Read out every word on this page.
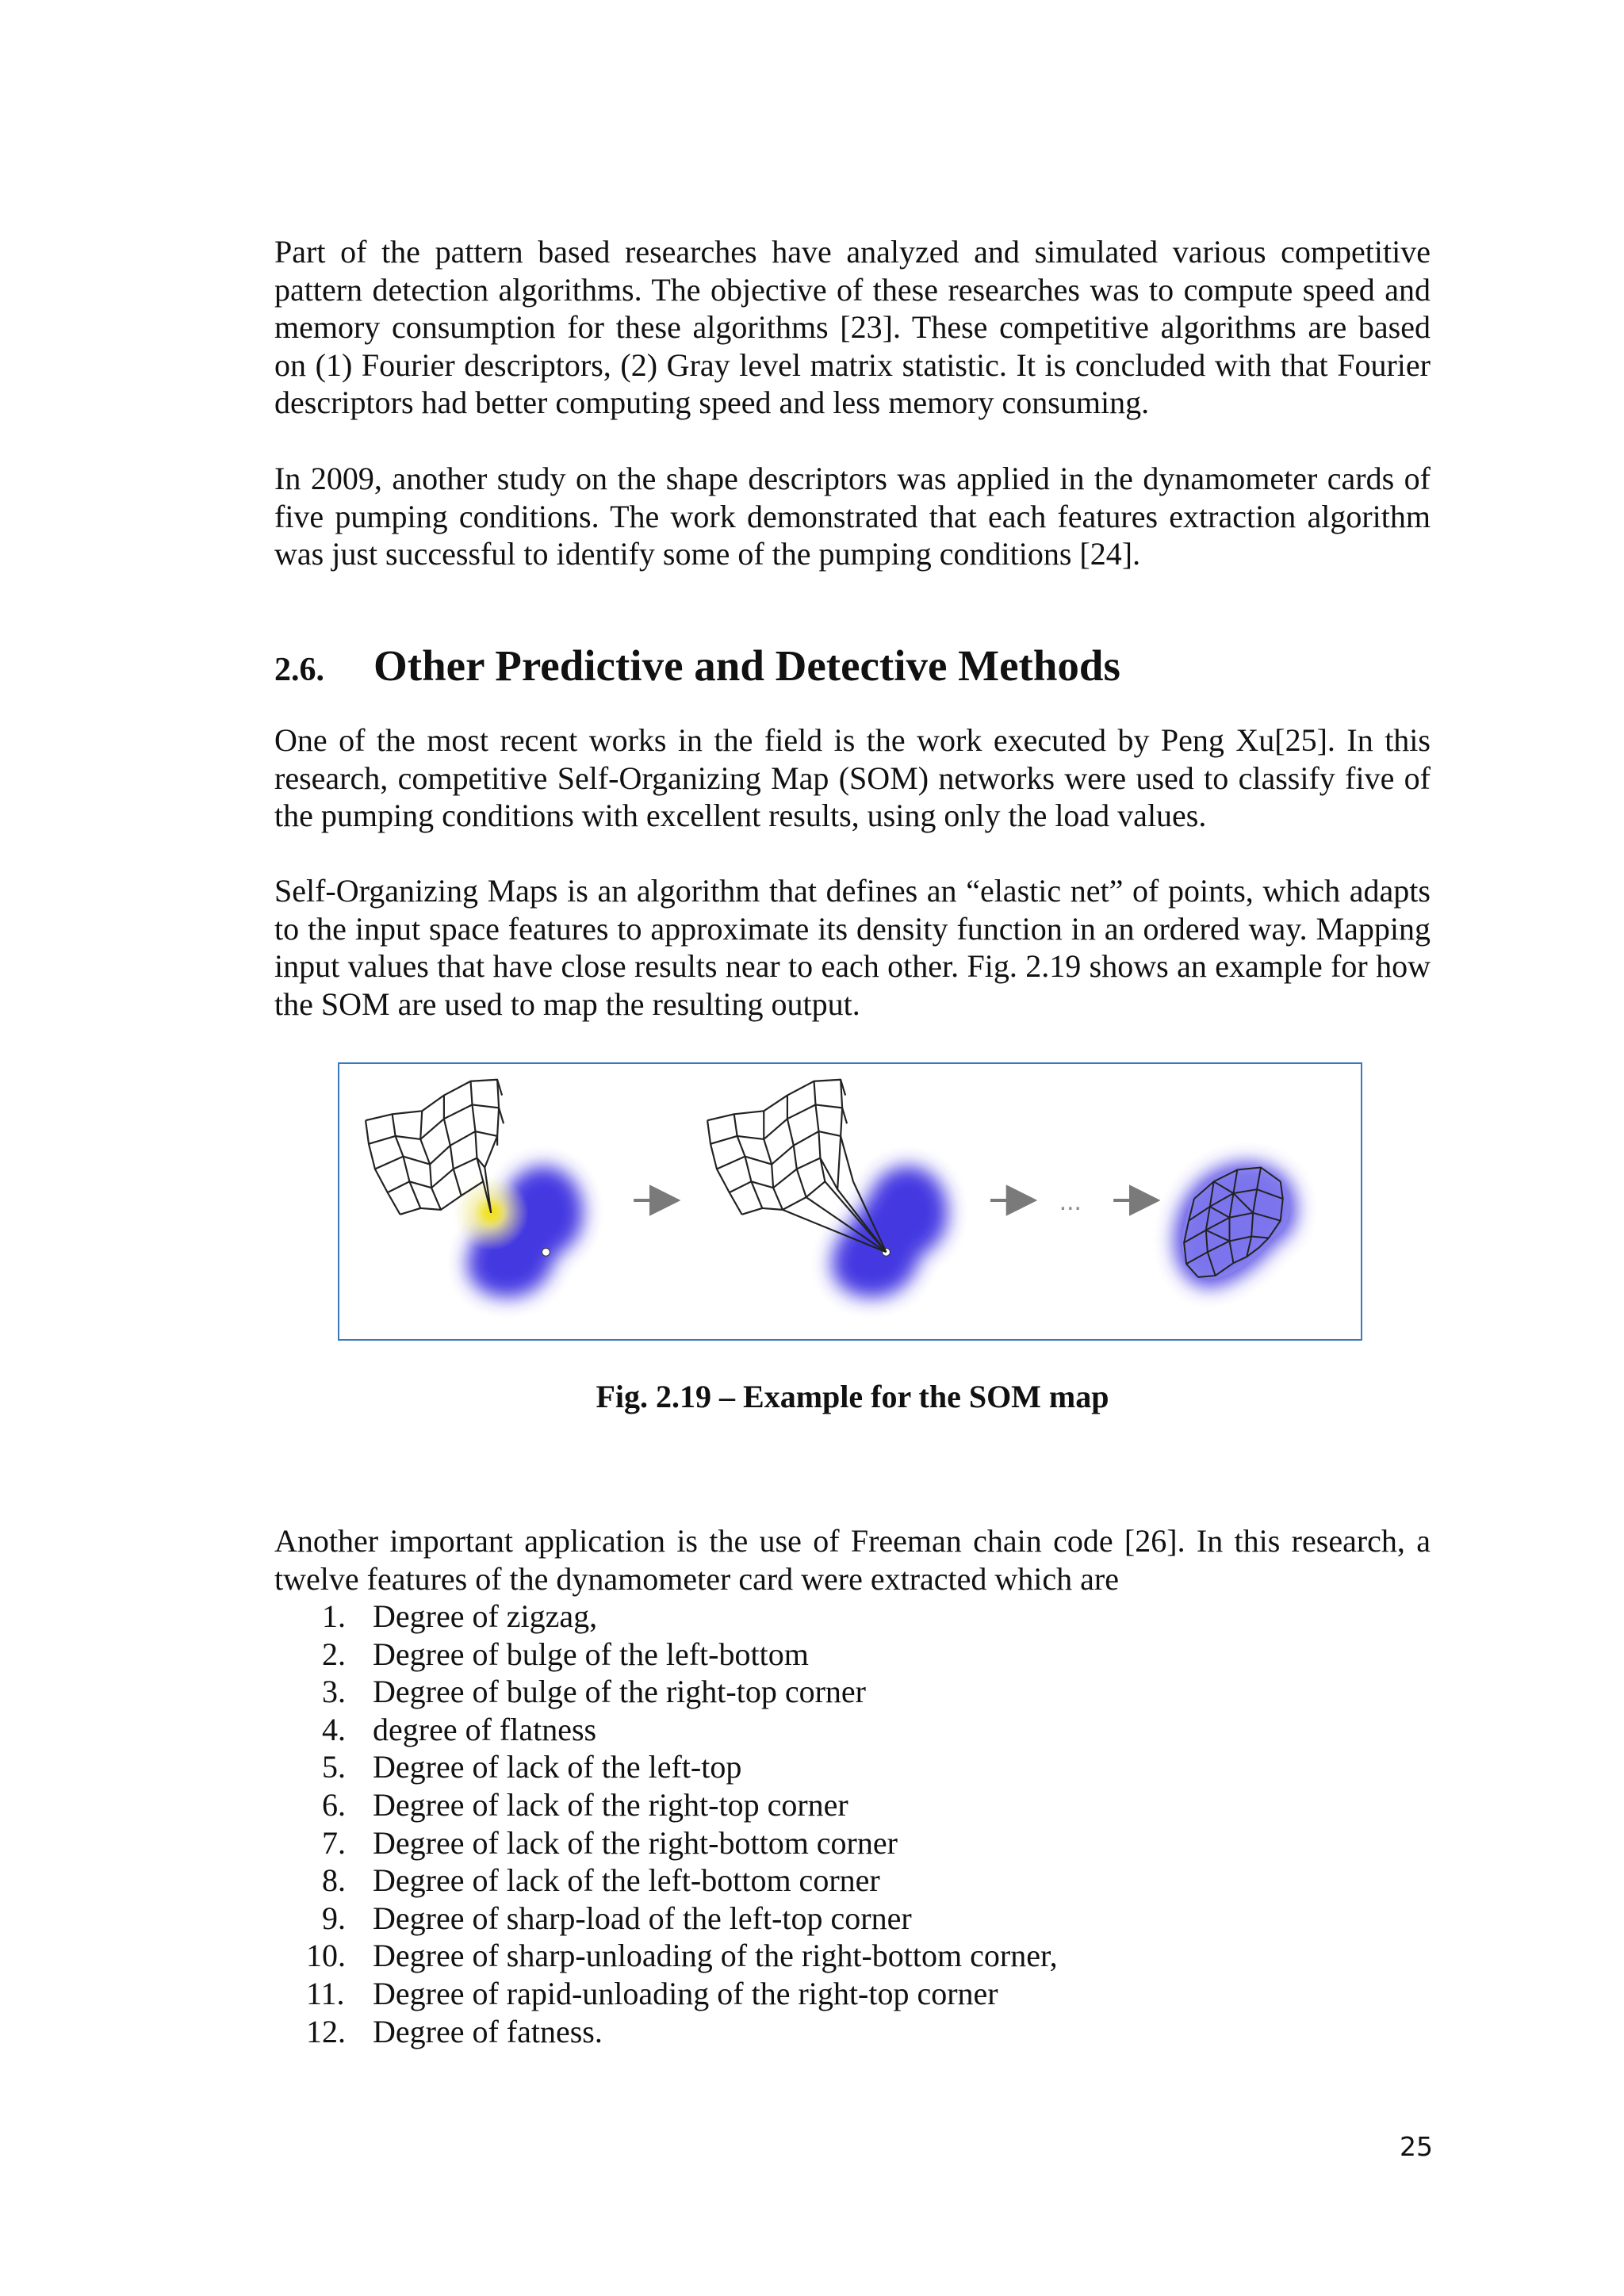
Part of the pattern based researches have analyzed and simulated various competitive pattern detection algorithms. The objective of these researches was to compute speed and memory consumption for these algorithms [23]. These competitive algorithms are based on (1) Fourier descriptors, (2) Gray level matrix statistic. It is concluded with that Fourier descriptors had better computing speed and less memory consuming.

In 2009, another study on the shape descriptors was applied in the dynamometer cards of five pumping conditions. The work demonstrated that each features extraction algorithm was just successful to identify some of the pumping conditions [24].

2.6. Other Predictive and Detective Methods

One of the most recent works in the field is the work executed by Peng Xu[25]. In this research, competitive Self-Organizing Map (SOM) networks were used to classify five of the pumping conditions with excellent results, using only the load values.

Self-Organizing Maps is an algorithm that defines an “elastic net” of points, which adapts to the input space features to approximate its density function in an ordered way. Mapping input values that have close results near to each other. Fig. 2.19 shows an example for how the SOM are used to map the resulting output.

...

Fig. 2.19 – Example for the SOM map

Another important application is the use of Freeman chain code [26]. In this research, a twelve features of the dynamometer card were extracted which are

1. Degree of zigzag,
2. Degree of bulge of the left-bottom
3. Degree of bulge of the right-top corner
4. degree of flatness
5. Degree of lack of the left-top
6. Degree of lack of the right-top corner
7. Degree of lack of the right-bottom corner
8. Degree of lack of the left-bottom corner
9. Degree of sharp-load of the left-top corner
10. Degree of sharp-unloading of the right-bottom corner,
11. Degree of rapid-unloading of the right-top corner
12. Degree of fatness.
25
